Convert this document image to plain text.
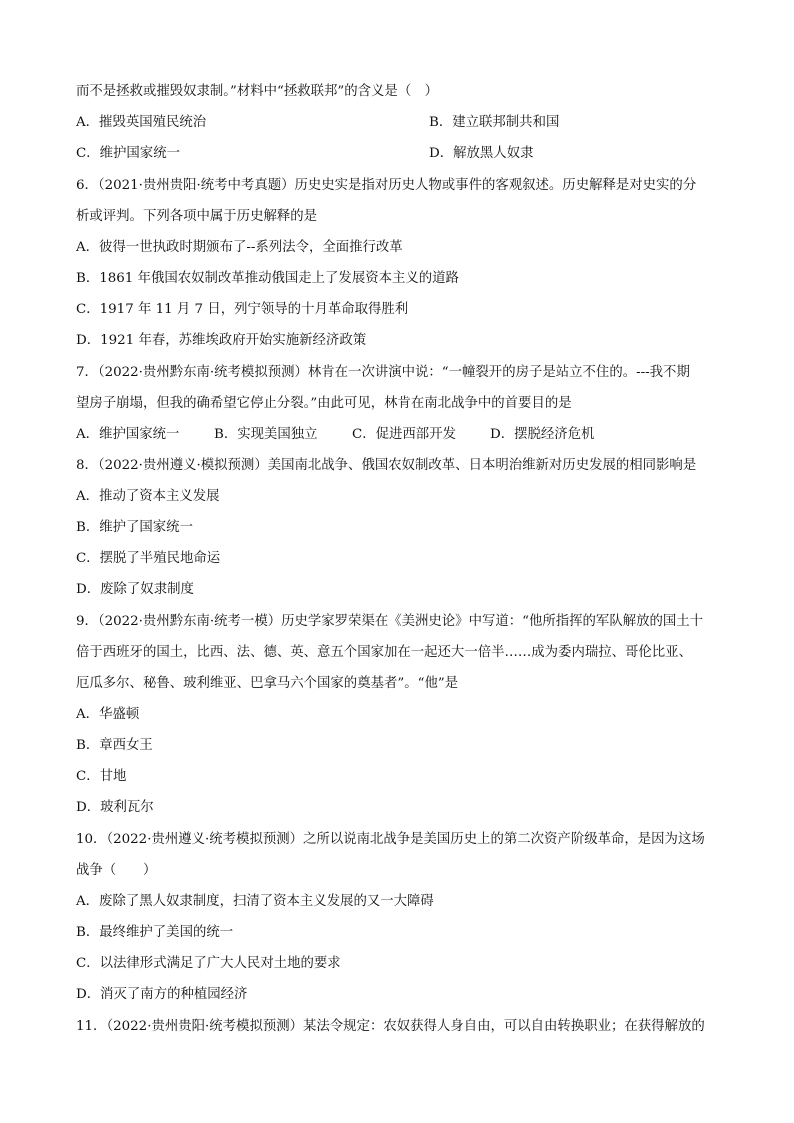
而不是拯救或摧毁奴隶制。”材料中“拯救联邦”的含义是（　）
A．摧毁英国殖民统治	B．建立联邦制共和国
C．维护国家统一	D．解放黑人奴隶
6．（2021·贵州贵阳·统考中考真题）历史史实是指对历史人物或事件的客观叙述。历史解释是对史实的分
析或评判。下列各项中属于历史解释的是
A．彼得一世执政时期颁布了--系列法令，全面推行改革
B．1861 年俄国农奴制改革推动俄国走上了发展资本主义的道路
C．1917 年 11 月 7 日，列宁领导的十月革命取得胜利
D．1921 年春，苏维埃政府开始实施新经济政策
7．（2022·贵州黔东南·统考模拟预测）林肯在一次讲演中说：“一幢裂开的房子是站立不住的。---我不期
望房子崩塌，但我的确希望它停止分裂。”由此可见，林肯在南北战争中的首要目的是
A．维护国家统一	B．实现美国独立	C．促进西部开发	D．摆脱经济危机
8．（2022·贵州遵义·模拟预测）美国南北战争、俄国农奴制改革、日本明治维新对历史发展的相同影响是
A．推动了资本主义发展
B．维护了国家统一
C．摆脱了半殖民地命运
D．废除了奴隶制度
9．（2022·贵州黔东南·统考一模）历史学家罗荣渠在《美洲史论》中写道：“他所指挥的军队解放的国土十
倍于西班牙的国土，比西、法、德、英、意五个国家加在一起还大一倍半……成为委内瑞拉、哥伦比亚、
厄瓜多尔、秘鲁、玻利维亚、巴拿马六个国家的奠基者”。“他”是
A．华盛顿
B．章西女王
C．甘地
D．玻利瓦尔
10．（2022·贵州遵义·统考模拟预测）之所以说南北战争是美国历史上的第二次资产阶级革命，是因为这场
战争（　　）
A．废除了黑人奴隶制度，扫清了资本主义发展的又一大障碍
B．最终维护了美国的统一
C．以法律形式满足了广大人民对土地的要求
D．消灭了南方的种植园经济
11．（2022·贵州贵阳·统考模拟预测）某法令规定：农奴获得人身自由，可以自由转换职业；在获得解放的
